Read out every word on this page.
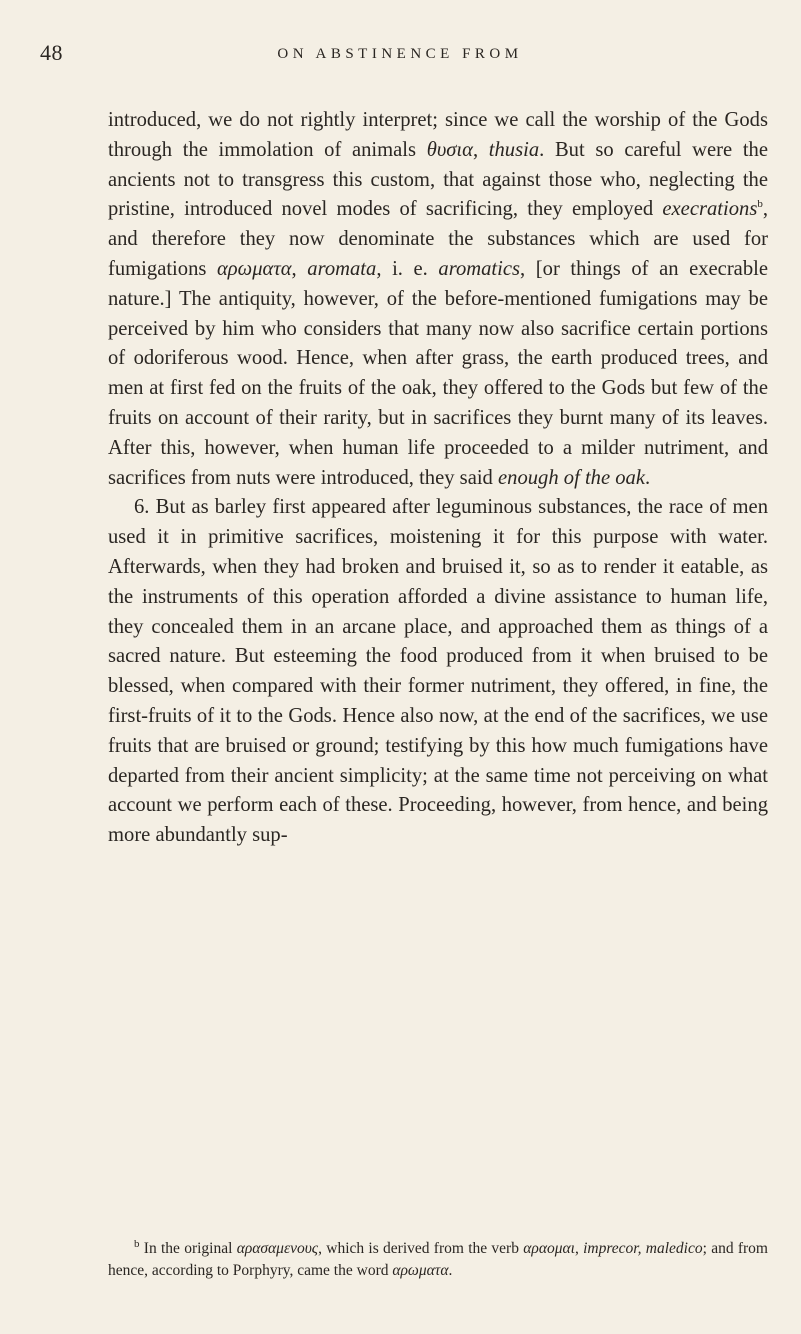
48	ON ABSTINENCE FROM

introduced, we do not rightly interpret; since we call the worship of the Gods through the immolation of animals θυσια, thusia. But so careful were the ancients not to transgress this custom, that against those who, neglecting the pristine, introduced novel modes of sacrificing, they employed execrations$^b$, and therefore they now denominate the substances which are used for fumigations αρωματα, aromata, i. e. aromatics, [or things of an execrable nature.] The antiquity, however, of the before-mentioned fumigations may be perceived by him who considers that many now also sacrifice certain portions of odoriferous wood. Hence, when after grass, the earth produced trees, and men at first fed on the fruits of the oak, they offered to the Gods but few of the fruits on account of their rarity, but in sacrifices they burnt many of its leaves. After this, however, when human life proceeded to a milder nutriment, and sacrifices from nuts were introduced, they said enough of the oak.

6. But as barley first appeared after leguminous substances, the race of men used it in primitive sacrifices, moistening it for this purpose with water. Afterwards, when they had broken and bruised it, so as to render it eatable, as the instruments of this operation afforded a divine assistance to human life, they concealed them in an arcane place, and approached them as things of a sacred nature. But esteeming the food produced from it when bruised to be blessed, when compared with their former nutriment, they offered, in fine, the first-fruits of it to the Gods. Hence also now, at the end of the sacrifices, we use fruits that are bruised or ground; testifying by this how much fumigations have departed from their ancient simplicity; at the same time not perceiving on what account we perform each of these. Proceeding, however, from hence, and being more abundantly sup-

$^b$ In the original αρασαμενους, which is derived from the verb αραομαι, imprecor, maledico; and from hence, according to Porphyry, came the word αρωματα.
